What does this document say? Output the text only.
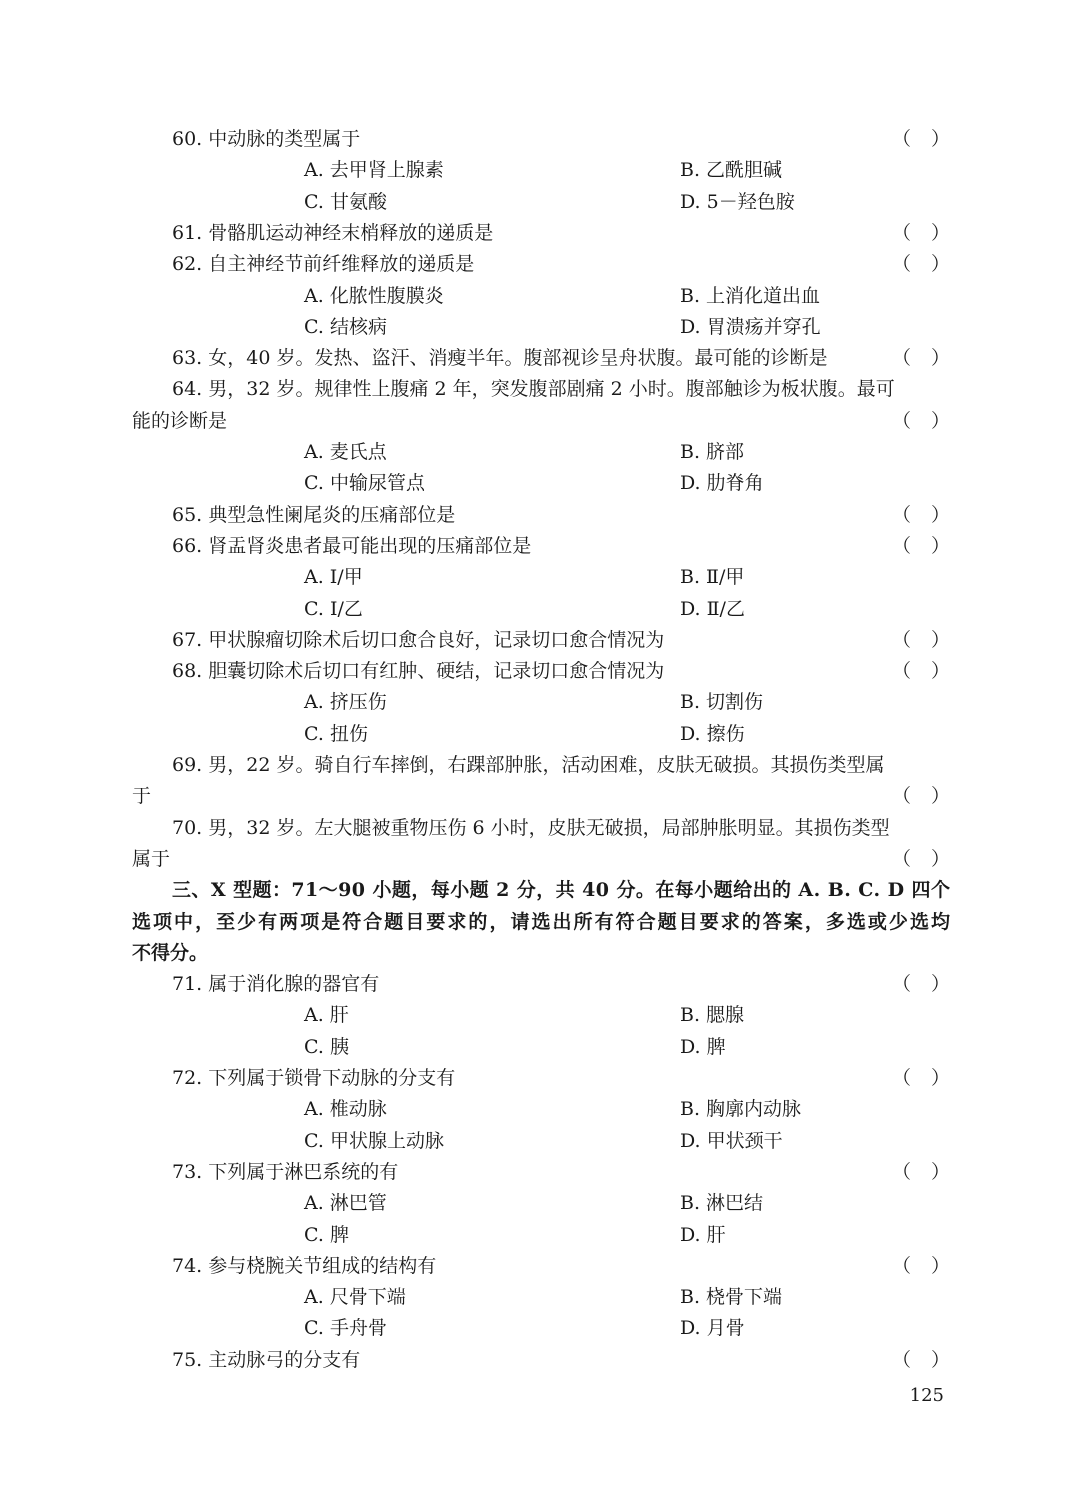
60. 中动脉的类型属于	（ ）
A. 去甲肾上腺素	B. 乙酰胆碱
C. 甘氨酸	D. 5－羟色胺
61. 骨骼肌运动神经末梢释放的递质是	（ ）
62. 自主神经节前纤维释放的递质是	（ ）
A. 化脓性腹膜炎	B. 上消化道出血
C. 结核病	D. 胃溃疡并穿孔
63. 女，40 岁。发热、盗汗、消瘦半年。腹部视诊呈舟状腹。最可能的诊断是	（ ）
64. 男，32 岁。规律性上腹痛 2 年，突发腹部剧痛 2 小时。腹部触诊为板状腹。最可
能的诊断是	（ ）
A. 麦氏点	B. 脐部
C. 中输尿管点	D. 肋脊角
65. 典型急性阑尾炎的压痛部位是	（ ）
66. 肾盂肾炎患者最可能出现的压痛部位是	（ ）
A. Ⅰ/甲	B. Ⅱ/甲
C. Ⅰ/乙	D. Ⅱ/乙
67. 甲状腺瘤切除术后切口愈合良好，记录切口愈合情况为	（ ）
68. 胆囊切除术后切口有红肿、硬结，记录切口愈合情况为	（ ）
A. 挤压伤	B. 切割伤
C. 扭伤	D. 擦伤
69. 男，22 岁。骑自行车摔倒，右踝部肿胀，活动困难，皮肤无破损。其损伤类型属
于	（ ）
70. 男，32 岁。左大腿被重物压伤 6 小时，皮肤无破损，局部肿胀明显。其损伤类型
属于	（ ）
三、X 型题：71～90 小题，每小题 2 分，共 40 分。在每小题给出的 A. B. C. D 四个
选项中，至少有两项是符合题目要求的，请选出所有符合题目要求的答案，多选或少选均
不得分。
71. 属于消化腺的器官有	（ ）
A. 肝	B. 腮腺
C. 胰	D. 脾
72. 下列属于锁骨下动脉的分支有	（ ）
A. 椎动脉	B. 胸廓内动脉
C. 甲状腺上动脉	D. 甲状颈干
73. 下列属于淋巴系统的有	（ ）
A. 淋巴管	B. 淋巴结
C. 脾	D. 肝
74. 参与桡腕关节组成的结构有	（ ）
A. 尺骨下端	B. 桡骨下端
C. 手舟骨	D. 月骨
75. 主动脉弓的分支有	（ ）
125
